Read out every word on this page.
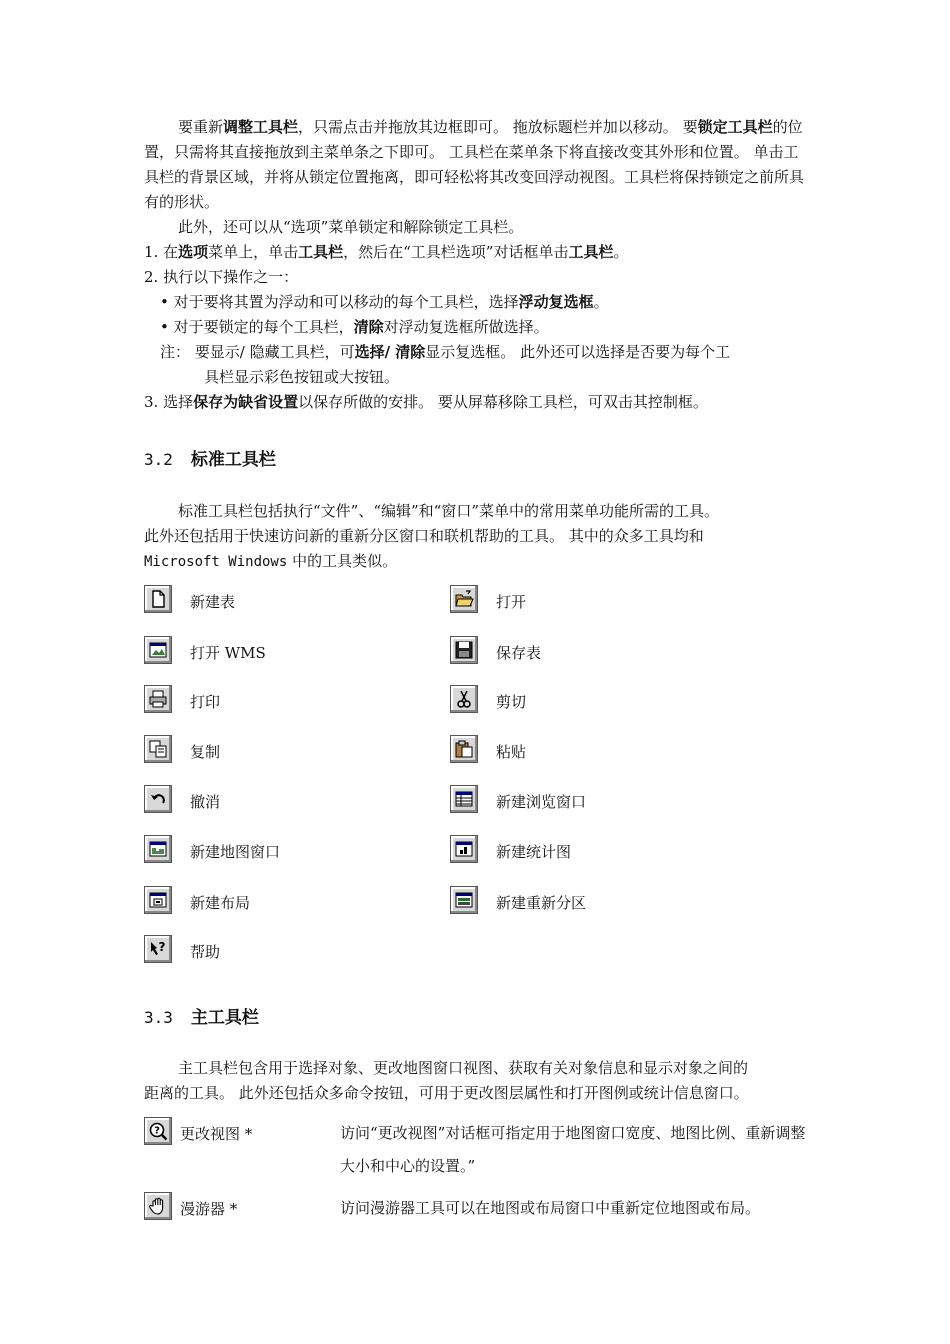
要重新调整工具栏，只需点击并拖放其边框即可。 拖放标题栏并加以移动。 要锁定工具栏的位置，只需将其直接拖放到主菜单条之下即可。 工具栏在菜单条下将直接改变其外形和位置。 单击工具栏的背景区域，并将从锁定位置拖离，即可轻松将其改变回浮动视图。工具栏将保持锁定之前所具有的形状。

此外，还可以从“选项”菜单锁定和解除锁定工具栏。

1. 在选项菜单上，单击工具栏，然后在“工具栏选项”对话框单击工具栏。

2. 执行以下操作之一：

• 对于要将其置为浮动和可以移动的每个工具栏，选择浮动复选框。

• 对于要锁定的每个工具栏，清除对浮动复选框所做选择。

注： 要显示/ 隐藏工具栏，可选择/ 清除显示复选框。 此外还可以选择是否要为每个工

具栏显示彩色按钮或大按钮。

3. 选择保存为缺省设置以保存所做的安排。 要从屏幕移除工具栏，可双击其控制框。

3.2 标准工具栏

标准工具栏包括执行“文件”、“编辑”和“窗口”菜单中的常用菜单功能所需的工具。

此外还包括用于快速访问新的重新分区窗口和联机帮助的工具。 其中的众多工具均和

Microsoft Windows 中的工具类似。

新建表	打开
打开 WMS	保存表
打印	剪切
复制	粘贴
撤消	新建浏览窗口
新建地图窗口	新建统计图
新建布局	新建重新分区
? 帮助
3.3 主工具栏

主工具栏包含用于选择对象、更改地图窗口视图、获取有关对象信息和显示对象之间的

距离的工具。 此外还包括众多命令按钮，可用于更改图层属性和打开图例或统计信息窗口。

? 更改视图 *	访问“更改视图”对话框可指定用于地图窗口宽度、地图比例、重新调整大小和中心的设置。”
漫游器 *	访问漫游器工具可以在地图或布局窗口中重新定位地图或布局。
